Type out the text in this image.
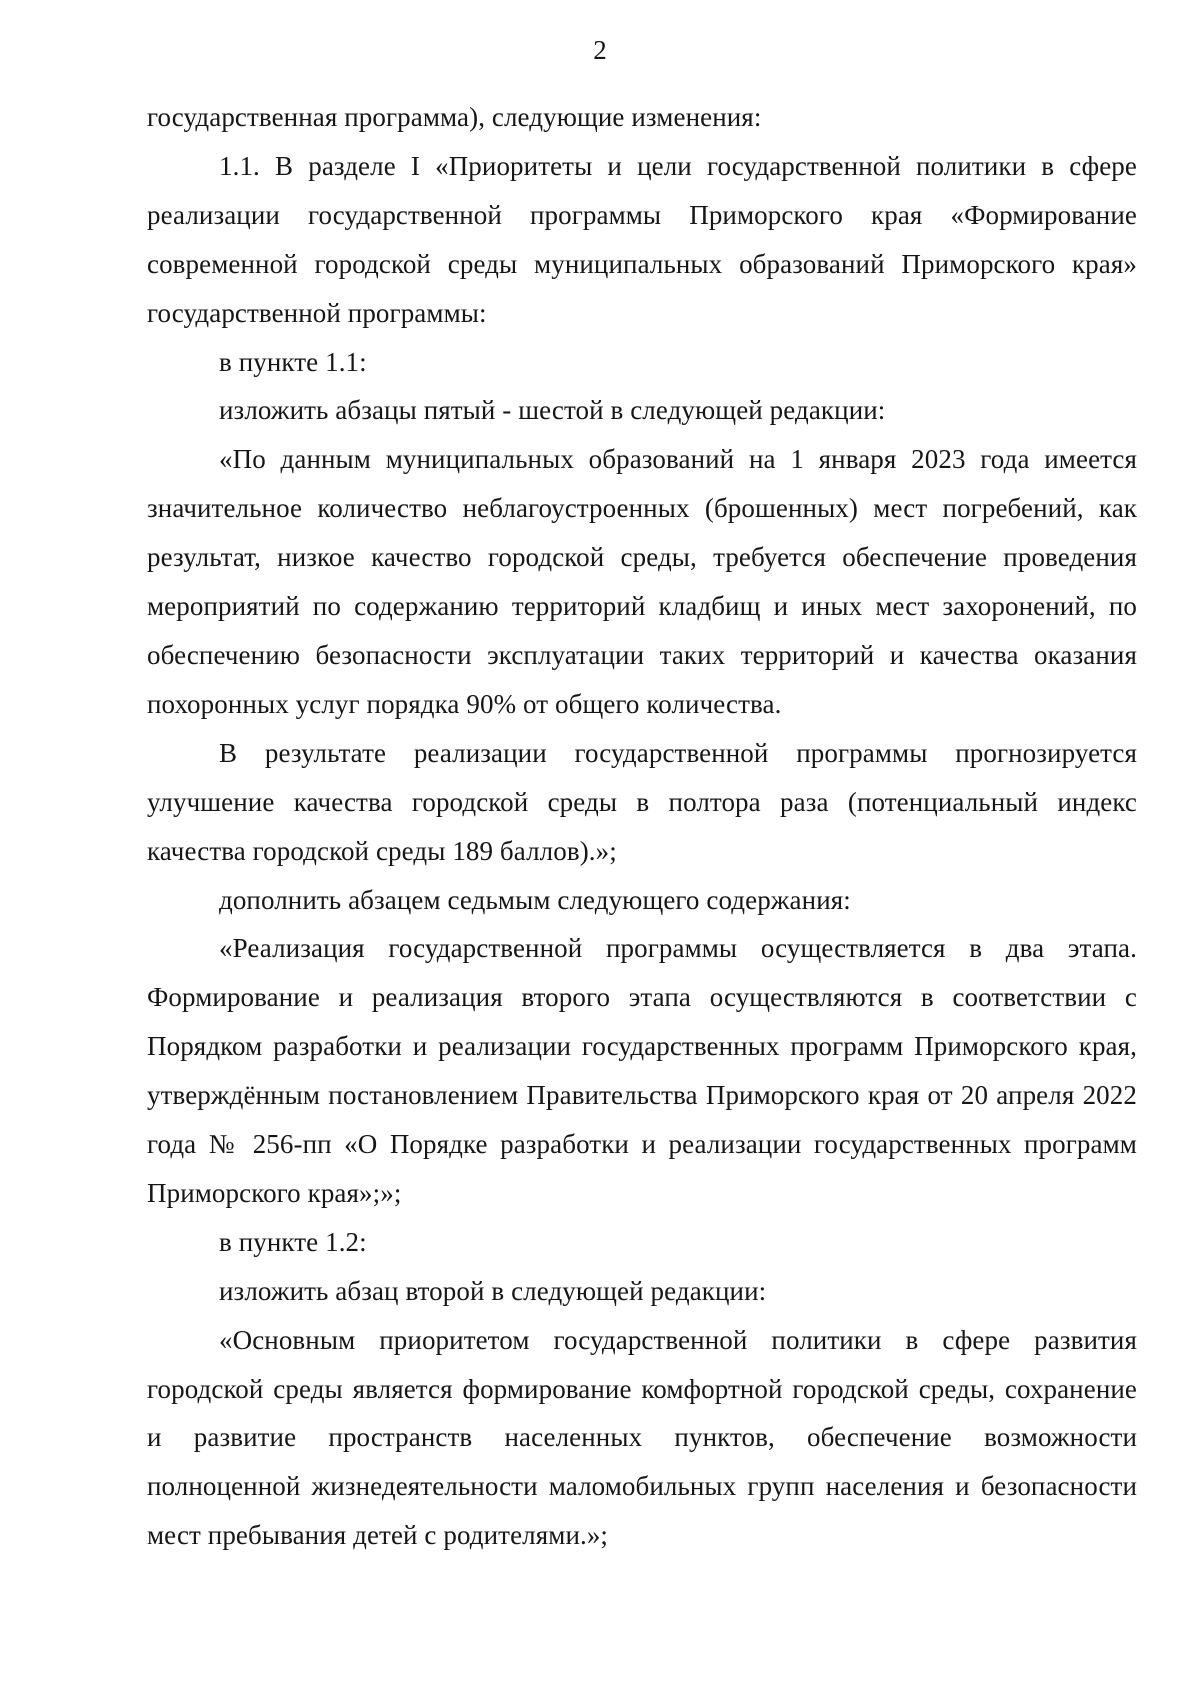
2

государственная программа), следующие изменения:

1.1. В разделе I «Приоритеты и цели государственной политики в сфере реализации государственной программы Приморского края «Формирование современной городской среды муниципальных образований Приморского края» государственной программы:

в пункте 1.1:

изложить абзацы пятый - шестой в следующей редакции:

«По данным муниципальных образований на 1 января 2023 года имеется значительное количество неблагоустроенных (брошенных) мест погребений, как результат, низкое качество городской среды, требуется обеспечение проведения мероприятий по содержанию территорий кладбищ и иных мест захоронений, по обеспечению безопасности эксплуатации таких территорий и качества оказания похоронных услуг порядка 90% от общего количества.

В результате реализации государственной программы прогнозируется улучшение качества городской среды в полтора раза (потенциальный индекс качества городской среды 189 баллов).»;

дополнить абзацем седьмым следующего содержания:

«Реализация государственной программы осуществляется в два этапа. Формирование и реализация второго этапа осуществляются в соответствии с Порядком разработки и реализации государственных программ Приморского края, утверждённым постановлением Правительства Приморского края от 20 апреля 2022 года № 256-пп «О Порядке разработки и реализации государственных программ Приморского края»;»;

в пункте 1.2:

изложить абзац второй в следующей редакции:

«Основным приоритетом государственной политики в сфере развития городской среды является формирование комфортной городской среды, сохранение и развитие пространств населенных пунктов, обеспечение возможности полноценной жизнедеятельности маломобильных групп населения и безопасности мест пребывания детей с родителями.»;
